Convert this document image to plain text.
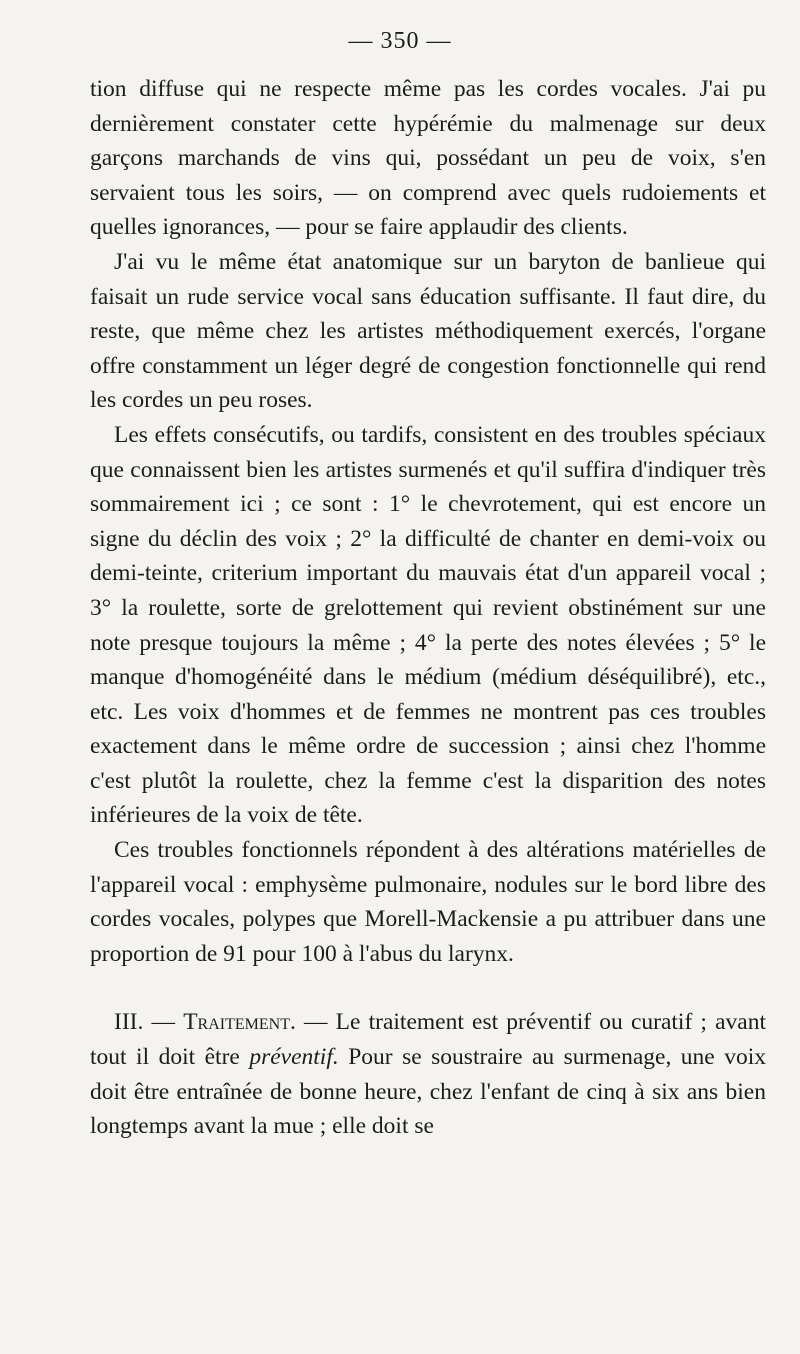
— 350 —

tion diffuse qui ne respecte même pas les cordes vocales. J'ai pu dernièrement constater cette hypérémie du malmenage sur deux garçons marchands de vins qui, possédant un peu de voix, s'en servaient tous les soirs, — on comprend avec quels rudoiements et quelles ignorances, — pour se faire applaudir des clients.

J'ai vu le même état anatomique sur un baryton de banlieue qui faisait un rude service vocal sans éducation suffisante. Il faut dire, du reste, que même chez les artistes méthodiquement exercés, l'organe offre constamment un léger degré de congestion fonctionnelle qui rend les cordes un peu roses.

Les effets consécutifs, ou tardifs, consistent en des troubles spéciaux que connaissent bien les artistes surmenés et qu'il suffira d'indiquer très sommairement ici ; ce sont : 1° le chevrotement, qui est encore un signe du déclin des voix ; 2° la difficulté de chanter en demi-voix ou demi-teinte, criterium important du mauvais état d'un appareil vocal ; 3° la roulette, sorte de grelottement qui revient obstinément sur une note presque toujours la même ; 4° la perte des notes élevées ; 5° le manque d'homogénéité dans le médium (médium déséquilibré), etc., etc. Les voix d'hommes et de femmes ne montrent pas ces troubles exactement dans le même ordre de succession ; ainsi chez l'homme c'est plutôt la roulette, chez la femme c'est la disparition des notes inférieures de la voix de tête.

Ces troubles fonctionnels répondent à des altérations matérielles de l'appareil vocal : emphysème pulmonaire, nodules sur le bord libre des cordes vocales, polypes que Morell-Mackensie a pu attribuer dans une proportion de 91 pour 100 à l'abus du larynx.

III. — Traitement. — Le traitement est préventif ou curatif ; avant tout il doit être préventif. Pour se soustraire au surmenage, une voix doit être entraînée de bonne heure, chez l'enfant de cinq à six ans bien longtemps avant la mue ; elle doit se
